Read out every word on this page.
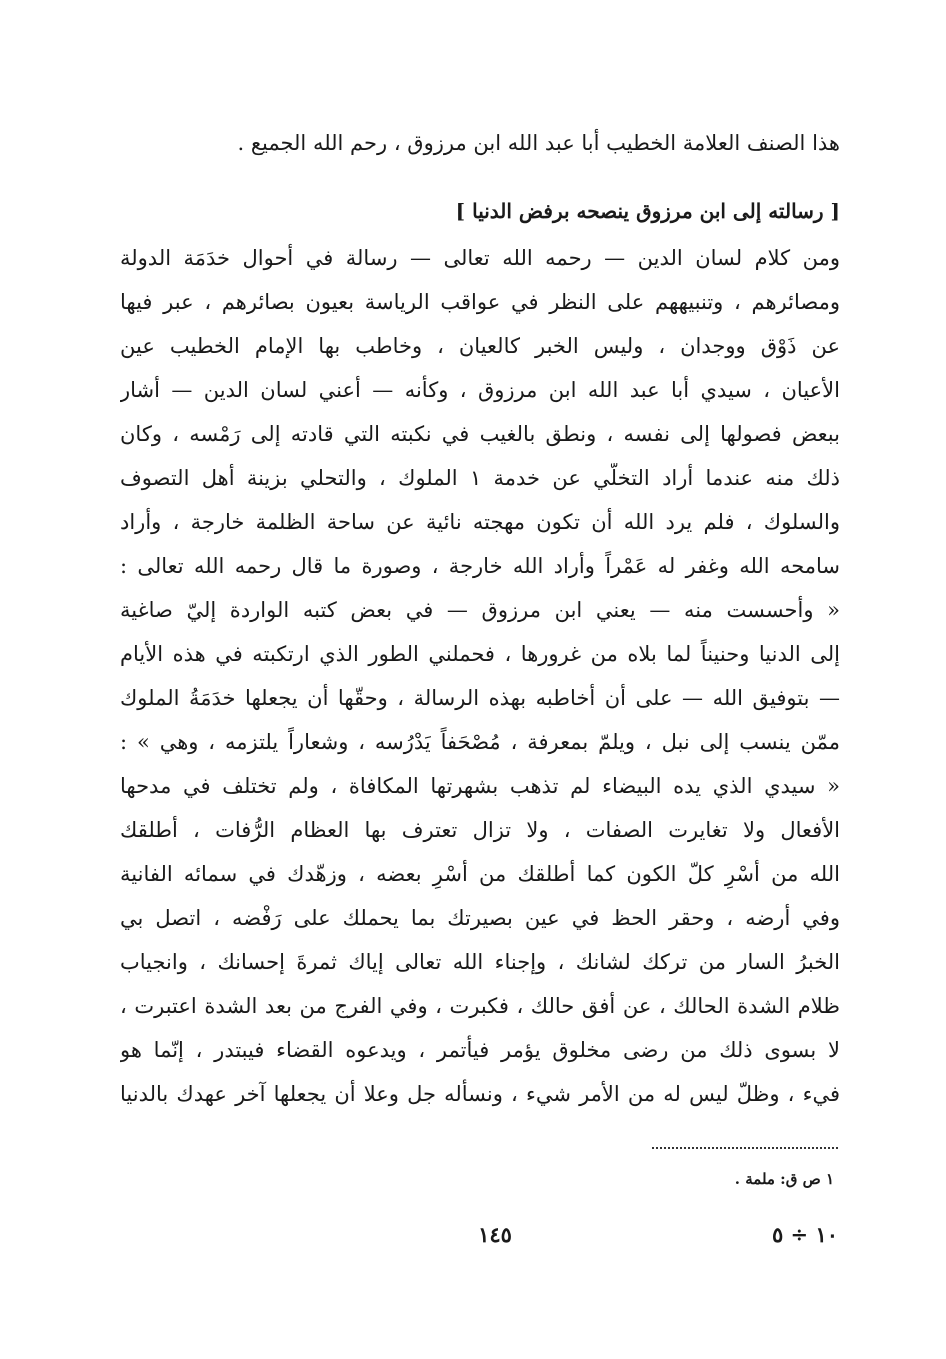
هذا الصنف العلامة الخطيب أبا عبد الله ابن مرزوق ، رحم الله الجميع .
[ رسالته إلى ابن مرزوق ينصحه برفض الدنيا ]
ومن كلام لسان الدين — رحمه الله تعالى — رسالة في أحوال خدَمَة الدولة
ومصائرهم ، وتنبيههم على النظر في عواقب الرياسة بعيون بصائرهم ، عبر فيها
عن ذَوْق ووجدان ، وليس الخبر كالعيان ، وخاطب بها الإمام الخطيب عين
الأعيان ، سيدي أبا عبد الله ابن مرزوق ، وكأنه — أعني لسان الدين — أشار
ببعض فصولها إلى نفسه ، ونطق بالغيب في نكبته التي قادته إلى رَمْسه ، وكان
ذلك منه عندما أراد التخلّي عن خدمة ١ الملوك ، والتحلي بزينة أهل التصوف
والسلوك ، فلم يرد الله أن تكون مهجته نائية عن ساحة الظلمة خارجة ، وأراد
سامحه الله وغفر له عَمْراً وأراد الله خارجة ، وصورة ما قال رحمه الله تعالى :
« وأحسست منه — يعني ابن مرزوق — في بعض كتبه الواردة إليّ صاغية
إلى الدنيا وحنيناً لما بلاه من غرورها ، فحملني الطور الذي ارتكبته في هذه الأيام
— بتوفيق الله — على أن أخاطبه بهذه الرسالة ، وحقّها أن يجعلها خدَمَةُ الملوك
ممّن ينسب إلى نبل ، ويلمّ بمعرفة ، مُصْحَفاً يَدْرُسه ، وشعاراً يلتزمه ، وهي » :
« سيدي الذي يده البيضاء لم تذهب بشهرتها المكافاة ، ولم تختلف في مدحها
الأفعال ولا تغايرت الصفات ، ولا تزال تعترف بها العظام الرُّفات ، أطلقك
الله من أسْرِ كلّ الكون كما أطلقك من أسْرِ بعضه ، وزهّدك في سمائه الفانية
وفي أرضه ، وحقر الحظ في عين بصيرتك بما يحملك على رَفْضه ، اتصل بي
الخبرُ السار من تركك لشانك ، وإجناء الله تعالى إياك ثمرةَ إحسانك ، وانجياب
ظلام الشدة الحالك ، عن أفق حالك ، فكبرت ، وفي الفرج من بعد الشدة اعتبرت ،
لا بسوى ذلك من رضى مخلوق يؤمر فيأتمر ، ويدعوه القضاء فيبتدر ، إنّما هو
فيء ، وظلّ ليس له من الأمر شيء ، ونسأله جل وعلا أن يجعلها آخر عهدك بالدنيا
١ ص ق: ملمة .
١٤٥	١٠ ÷ ٥
